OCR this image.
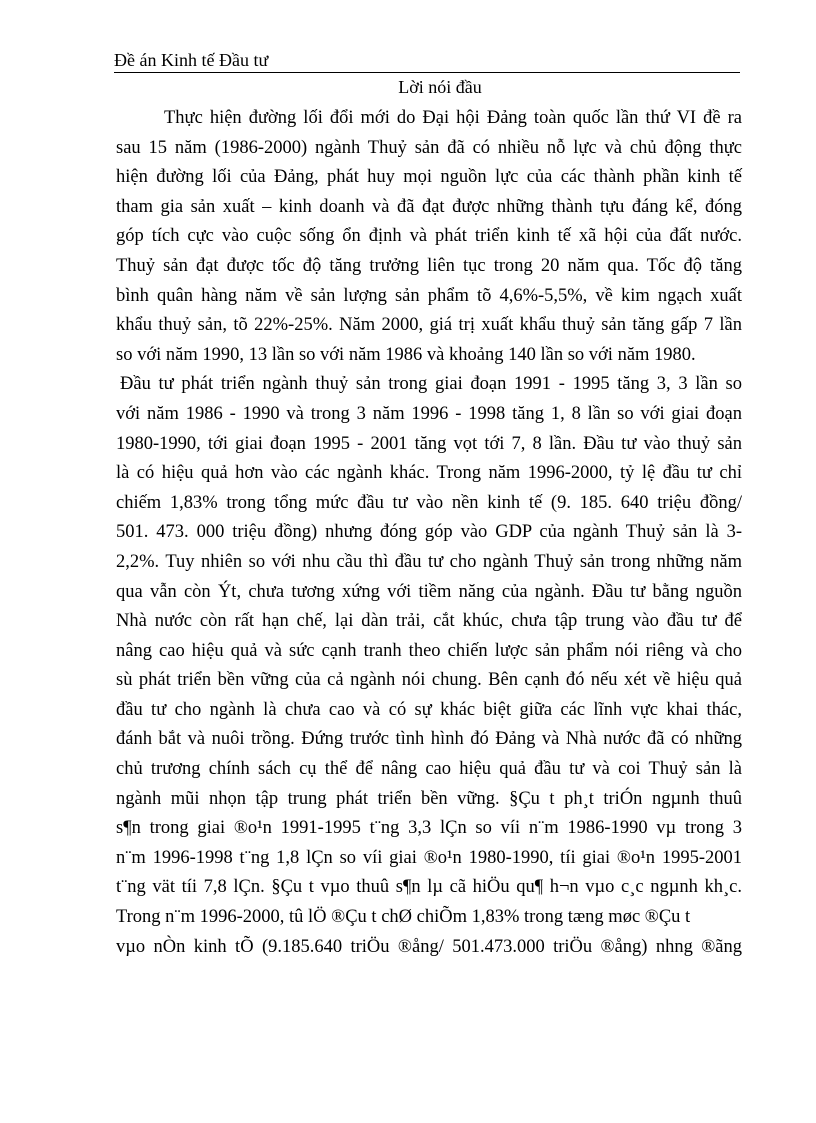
Đề án Kinh tế Đầu tư
Lời nói đầu
Thực hiện đường lối đổi mới do Đại hội Đảng toàn quốc lần thứ VI đề ra
sau 15 năm (1986-2000) ngành Thuỷ sản đã có nhiều nỗ lực và chủ động thực
hiện đường lối của Đảng, phát huy mọi nguồn lực của các thành phần kinh tế
tham gia sản xuất – kinh doanh và đã đạt được những thành tựu đáng kể, đóng
góp tích cực vào cuộc sống ổn định và phát triển kinh tế xã hội của đất nước.
Thuỷ sản đạt được tốc độ tăng trưởng liên tục trong 20 năm qua. Tốc độ tăng
bình quân hàng năm về sản lượng sản phẩm tõ 4,6%-5,5%, về kim ngạch xuất
khẩu thuỷ sản, tõ 22%-25%. Năm 2000, giá trị xuất khẩu thuỷ sản tăng gấp 7 lần
so với năm 1990, 13 lần so với năm 1986 và khoảng 140 lần so với năm 1980.
Đầu tư phát triển ngành thuỷ sản trong giai đoạn 1991 - 1995 tăng 3, 3 lần so
với năm 1986 - 1990 và trong 3 năm 1996 - 1998 tăng 1, 8 lần so với giai đoạn
1980-1990, tới giai đoạn 1995 - 2001 tăng vọt tới 7, 8 lần. Đầu tư vào thuỷ sản
là có hiệu quả hơn vào các ngành khác. Trong năm 1996-2000, tỷ lệ đầu tư chỉ
chiếm 1,83% trong tổng mức đầu tư vào nền kinh tế (9. 185. 640 triệu đồng/
501. 473. 000 triệu đồng) nhưng đóng góp vào GDP của ngành Thuỷ sản là 3-
2,2%. Tuy nhiên so với nhu cầu thì đầu tư cho ngành Thuỷ sản trong những năm
qua vẫn còn Ýt, chưa tương xứng với tiềm năng của ngành. Đầu tư bằng nguồn
Nhà nước còn rất hạn chế, lại dàn trải, cắt khúc, chưa tập trung vào đầu tư để
nâng cao hiệu quả và sức cạnh tranh theo chiến lược sản phẩm nói riêng và cho
sù phát triển bền vững của cả ngành nói chung. Bên cạnh đó nếu xét về hiệu quả
đầu tư cho ngành là chưa cao và có sự khác biệt giữa các lĩnh vực khai thác,
đánh bắt và nuôi trồng. Đứng trước tình hình đó Đảng và Nhà nước đã có những
chủ trương chính sách cụ thể để nâng cao hiệu quả đầu tư và coi Thuỷ sản là
ngành mũi nhọn tập trung phát triển bền vững. §Çu t ph¸t triÓn ngµnh thuû
s¶n trong giai ®o¹n 1991-1995 t¨ng 3,3 lÇn so víi n¨m 1986-1990 vµ trong 3
n¨m 1996-1998 t¨ng 1,8 lÇn so víi giai ®o¹n 1980-1990, tíi giai ®o¹n 1995-2001
t¨ng vät tíi 7,8 lÇn. §Çu t vµo thuû s¶n lµ cã hiÖu qu¶ h¬n vµo c¸c ngµnh kh¸c.
Trong n¨m 1996-2000, tû lÖ ®Çu t chØ chiÕm 1,83% trong tæng møc ®Çu t
vµo nÒn kinh tÕ (9.185.640 triÖu ®ång/ 501.473.000 triÖu ®ång) nhng ®ãng
